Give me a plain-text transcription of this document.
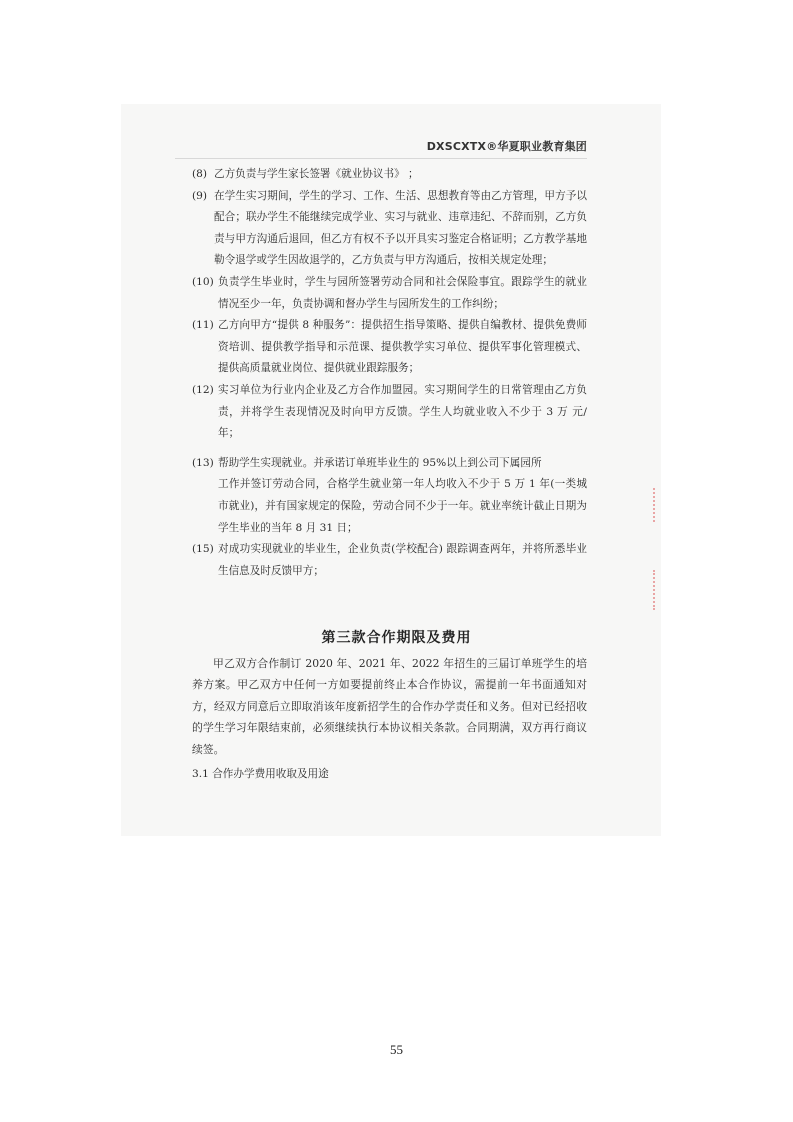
DXSCXTX®华夏职业教育集团
(8) 乙方负责与学生家长签署《就业协议书》 ；
(9) 在学生实习期间，学生的学习、工作、生活、思想教育等由乙方管理，甲方予以配合；联办学生不能继续完成学业、实习与就业、违章违纪、不辞而别，乙方负责与甲方沟通后退回，但乙方有权不予以开具实习鉴定合格证明；乙方教学基地勒令退学或学生因故退学的，乙方负责与甲方沟通后，按相关规定处理；
(10) 负责学生毕业时，学生与园所签署劳动合同和社会保险事宜。跟踪学生的就业情况至少一年，负责协调和督办学生与园所发生的工作纠纷；
(11) 乙方向甲方“提供 8 种服务”：提供招生指导策略、提供自编教材、提供免费师资培训、提供教学指导和示范课、提供教学实习单位、提供军事化管理模式、提供高质量就业岗位、提供就业跟踪服务；
(12) 实习单位为行业内企业及乙方合作加盟园。实习期间学生的日常管理由乙方负责，并将学生表现情况及时向甲方反馈。学生人均就业收入不少于 3 万 元/年；
(13) 帮助学生实现就业。并承诺订单班毕业生的 95%以上到公司下属园所
工作并签订劳动合同，合格学生就业第一年人均收入不少于 5 万 1 年(一类城市就业)，并有国家规定的保险，劳动合同不少于一年。就业率统计截止日期为学生毕业的当年 8 月 31 日；
(15) 对成功实现就业的毕业生，企业负责(学校配合) 跟踪调查两年，并将所悉毕业生信息及时反馈甲方；
第三款合作期限及费用
甲乙双方合作制订 2020 年、2021 年、2022 年招生的三届订单班学生的培养方案。甲乙双方中任何一方如要提前终止本合作协议，需提前一年书面通知对方，经双方同意后立即取消该年度新招学生的合作办学责任和义务。但对已经招收的学生学习年限结束前，必须继续执行本协议相关条款。合同期满，双方再行商议续签。
3.1 合作办学费用收取及用途
55
